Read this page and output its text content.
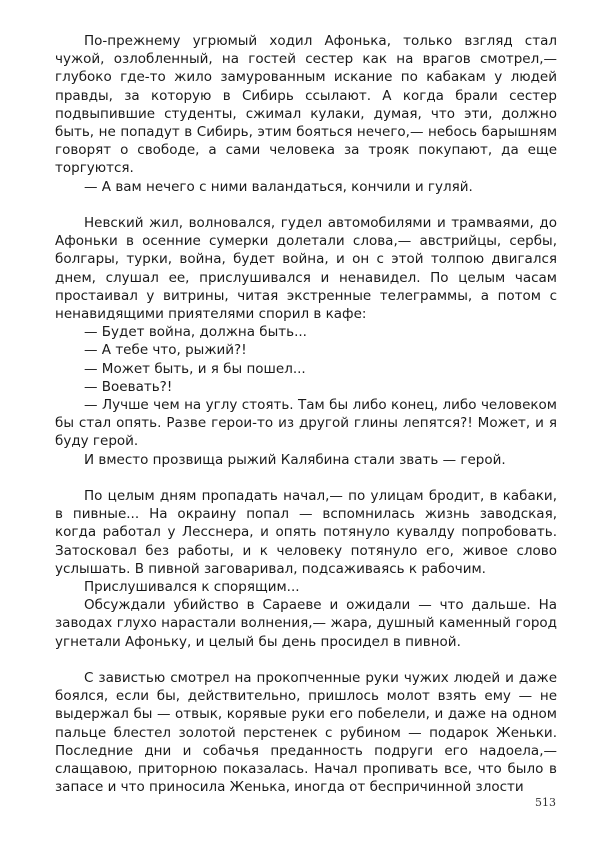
По-прежнему угрюмый ходил Афонька, только взгляд стал чужой, озлобленный, на гостей сестер как на врагов смотрел,— глубоко где-то жило замурованным искание по кабакам у людей правды, за которую в Сибирь ссылают. А когда брали сестер подвыпившие студенты, сжимал кулаки, думая, что эти, должно быть, не попадут в Сибирь, этим бояться нечего,— небось барышням говорят о свободе, а сами человека за трояк покупают, да еще торгуются.

— А вам нечего с ними валандаться, кончили и гуляй.

Невский жил, волновался, гудел автомобилями и трамваями, до Афоньки в осенние сумерки долетали слова,— австрийцы, сербы, болгары, турки, война, будет война, и он с этой толпою двигался днем, слушал ее, прислушивался и ненавидел. По целым часам простаивал у витрины, читая экстренные телеграммы, а потом с ненавидящими приятелями спорил в кафе:

— Будет война, должна быть...

— А тебе что, рыжий?!

— Может быть, и я бы пошел...

— Воевать?!

— Лучше чем на углу стоять. Там бы либо конец, либо человеком бы стал опять. Разве герои-то из другой глины лепятся?! Может, и я буду герой.

И вместо прозвища рыжий Калябина стали звать — герой.

По целым дням пропадать начал,— по улицам бродит, в кабаки, в пивные... На окраину попал — вспомнилась жизнь заводская, когда работал у Лесснера, и опять потянуло кувалду попробовать. Затосковал без работы, и к человеку потянуло его, живое слово услышать. В пивной заговаривал, подсаживаясь к рабочим.

Прислушивался к спорящим...

Обсуждали убийство в Сараеве и ожидали — что дальше. На заводах глухо нарастали волнения,— жара, душный каменный город угнетали Афоньку, и целый бы день просидел в пивной.

С завистью смотрел на прокопченные руки чужих людей и даже боялся, если бы, действительно, пришлось молот взять ему — не выдержал бы — отвык, корявые руки его побелели, и даже на одном пальце блестел золотой перстенек с рубином — подарок Женьки. Последние дни и собачья преданность подруги его надоела,— слащавою, приторною показалась. Начал пропивать все, что было в запасе и что приносила Женька, иногда от беспричинной злости

513
